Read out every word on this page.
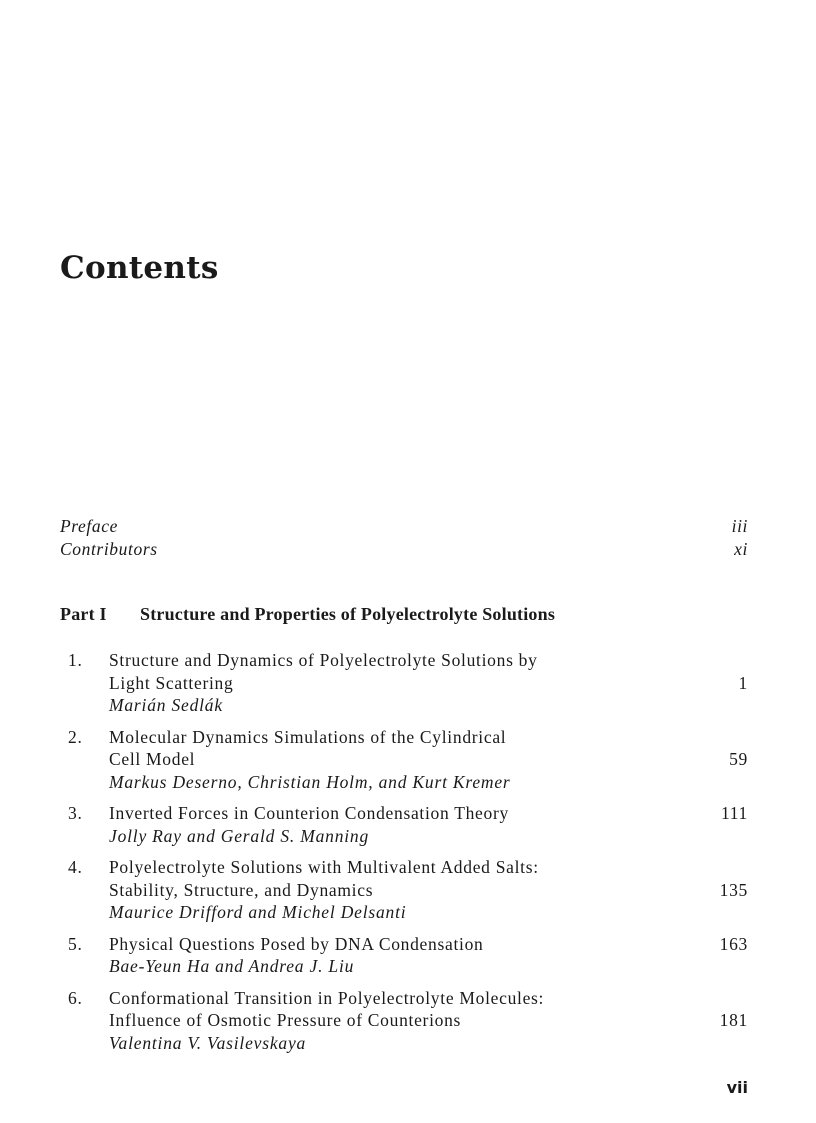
Contents
Preface	iii
Contributors	xi
Part I Structure and Properties of Polyelectrolyte Solutions
1. Structure and Dynamics of Polyelectrolyte Solutions by
Light Scattering	1
Marián Sedlák
2. Molecular Dynamics Simulations of the Cylindrical
Cell Model	59
Markus Deserno, Christian Holm, and Kurt Kremer
3. Inverted Forces in Counterion Condensation Theory	111
Jolly Ray and Gerald S. Manning
4. Polyelectrolyte Solutions with Multivalent Added Salts:
Stability, Structure, and Dynamics	135
Maurice Drifford and Michel Delsanti
5. Physical Questions Posed by DNA Condensation	163
Bae-Yeun Ha and Andrea J. Liu
6. Conformational Transition in Polyelectrolyte Molecules:
Influence of Osmotic Pressure of Counterions	181
Valentina V. Vasilevskaya
vii
